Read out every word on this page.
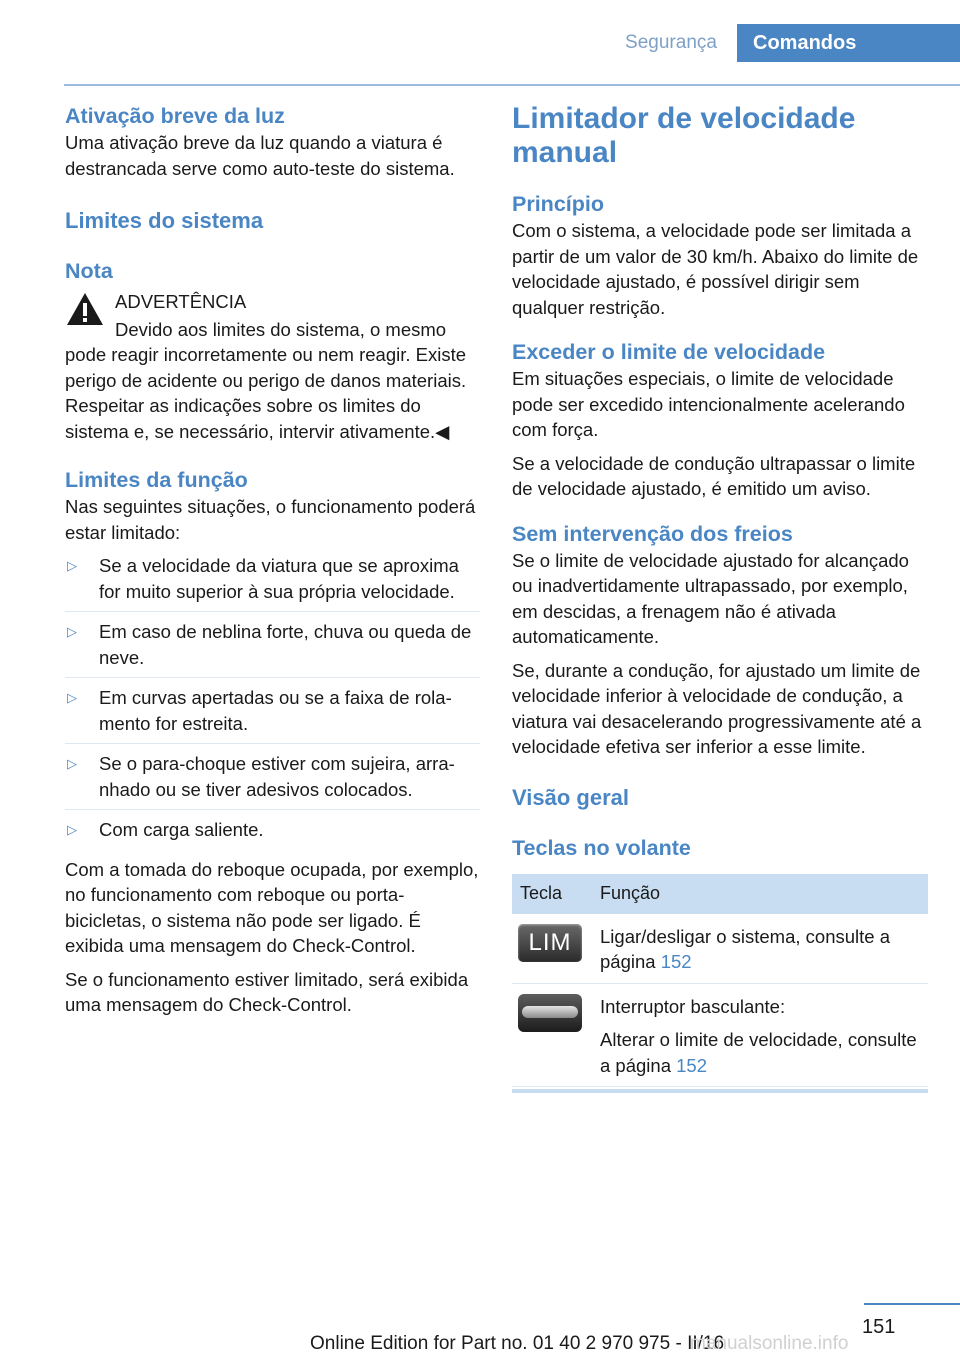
Segurança	Comandos
Ativação breve da luz

Uma ativação breve da luz quando a viatura é destrancada serve como auto-teste do sistema.

Limites do sistema
Nota
ADVERTÊNCIA

Devido aos limites do sistema, o mesmo pode reagir incorretamente ou nem reagir. Existe perigo de acidente ou perigo de danos materiais. Respeitar as indicações sobre os limites do sistema e, se necessário, intervir ativamente.◀

Limites da função

Nas seguintes situações, o funcionamento poderá estar limitado:

▷ Se a velocidade da viatura que se aproxima for muito superior à sua própria velocidade.
▷ Em caso de neblina forte, chuva ou queda de neve.
▷ Em curvas apertadas ou se a faixa de rolamento for estreita.
▷ Se o para-choque estiver com sujeira, arranhado ou se tiver adesivos colocados.
▷ Com carga saliente.

Com a tomada do reboque ocupada, por exemplo, no funcionamento com reboque ou porta-bicicletas, o sistema não pode ser ligado. É exibida uma mensagem do Check-Control.

Se o funcionamento estiver limitado, será exibida uma mensagem do Check-Control.

Limitador de velocidade manual
Princípio

Com o sistema, a velocidade pode ser limitada a partir de um valor de 30 km/h. Abaixo do limite de velocidade ajustado, é possível dirigir sem qualquer restrição.

Exceder o limite de velocidade

Em situações especiais, o limite de velocidade pode ser excedido intencionalmente acelerando com força.

Se a velocidade de condução ultrapassar o limite de velocidade ajustado, é emitido um aviso.

Sem intervenção dos freios

Se o limite de velocidade ajustado for alcançado ou inadvertidamente ultrapassado, por exemplo, em descidas, a frenagem não é ativada automaticamente.

Se, durante a condução, for ajustado um limite de velocidade inferior à velocidade de condução, a viatura vai desacelerando progressivamente até a velocidade efetiva ser inferior a esse limite.

Visão geral
Teclas no volante
Tecla	Função

LIM	Ligar/desligar o sistema, consulte a página 152

	Interruptor basculante:

Alterar o limite de velocidade, consulte a página 152
151
Online Edition for Part no. 01 40 2 970 975 - II/16
manualsonline.info
